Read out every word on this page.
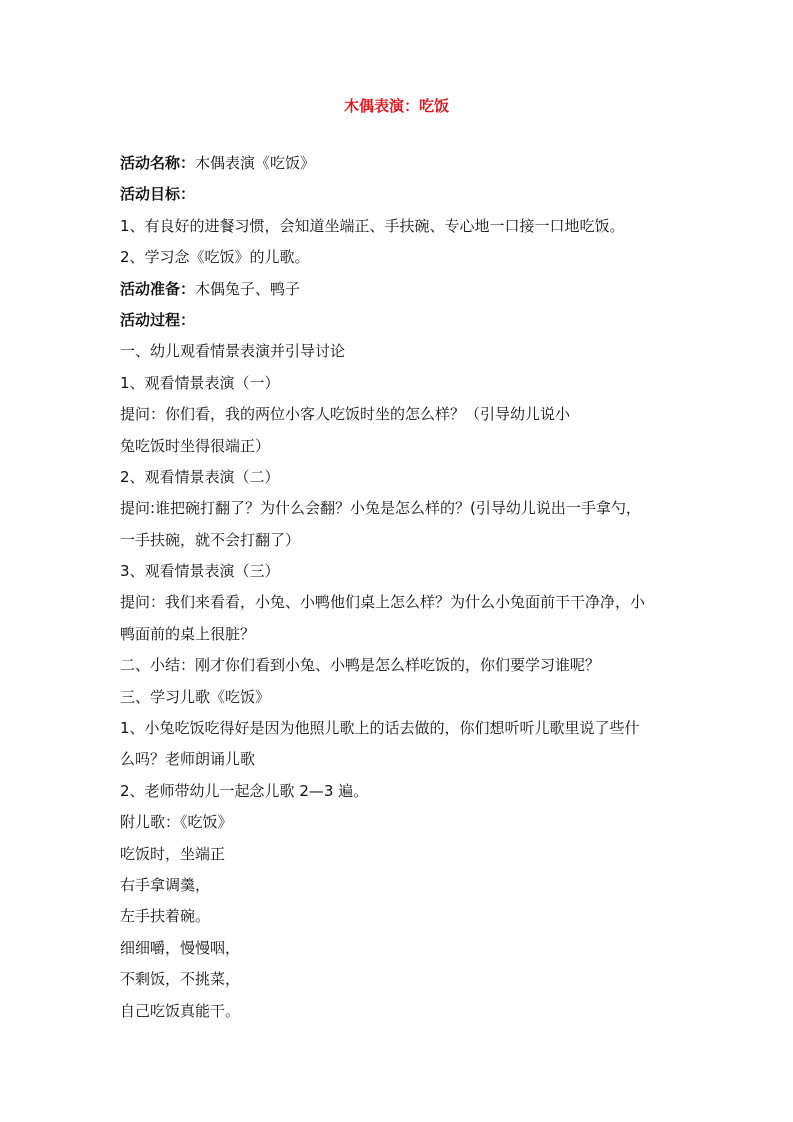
木偶表演：吃饭
活动名称：木偶表演《吃饭》
活动目标：
1、有良好的进餐习惯，会知道坐端正、手扶碗、专心地一口接一口地吃饭。
2、学习念《吃饭》的儿歌。
活动准备：木偶兔子、鸭子
活动过程：
一、幼儿观看情景表演并引导讨论
1、观看情景表演（一）
提问：你们看，我的两位小客人吃饭时坐的怎么样？（引导幼儿说小
兔吃饭时坐得很端正）
2、观看情景表演（二）
提问:谁把碗打翻了？为什么会翻？小兔是怎么样的？(引导幼儿说出一手拿勺，
一手扶碗，就不会打翻了）
3、观看情景表演（三）
提问：我们来看看，小兔、小鸭他们桌上怎么样？为什么小兔面前干干净净，小
鸭面前的桌上很脏？
二、小结：刚才你们看到小兔、小鸭是怎么样吃饭的，你们要学习谁呢？
三、学习儿歌《吃饭》
1、小兔吃饭吃得好是因为他照儿歌上的话去做的，你们想听听儿歌里说了些什
么吗？老师朗诵儿歌
2、老师带幼儿一起念儿歌 2—3 遍。
附儿歌：《吃饭》
吃饭时，坐端正
右手拿调羹，
左手扶着碗。
细细嚼，慢慢咽，
不剩饭，不挑菜，
自己吃饭真能干。
